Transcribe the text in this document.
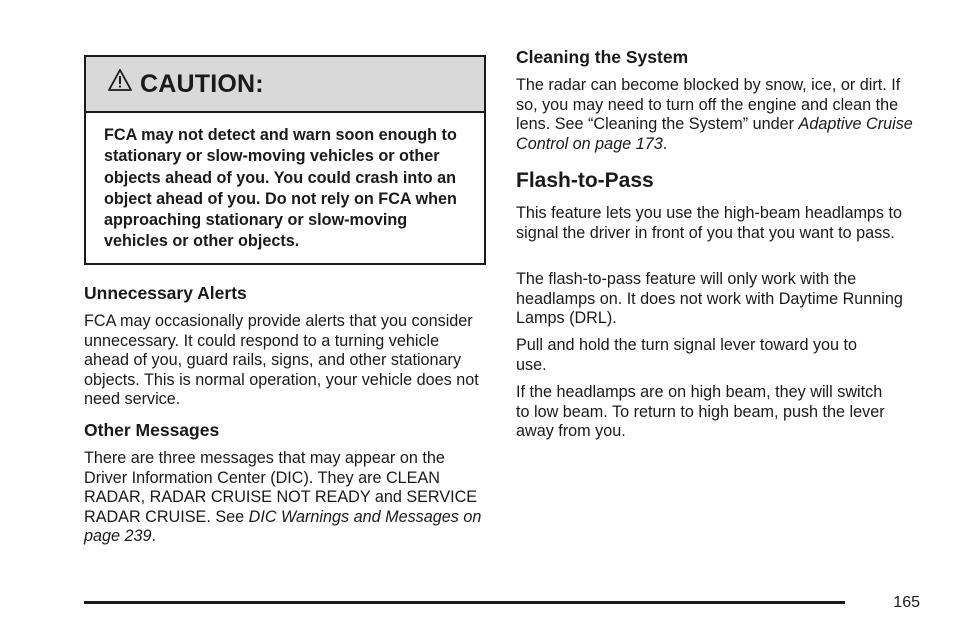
CAUTION:
FCA may not detect and warn soon enough to stationary or slow-moving vehicles or other objects ahead of you. You could crash into an object ahead of you. Do not rely on FCA when approaching stationary or slow-moving vehicles or other objects.
Unnecessary Alerts

FCA may occasionally provide alerts that you consider unnecessary. It could respond to a turning vehicle ahead of you, guard rails, signs, and other stationary objects. This is normal operation, your vehicle does not need service.

Other Messages

There are three messages that may appear on the Driver Information Center (DIC). They are CLEAN RADAR, RADAR CRUISE NOT READY and SERVICE RADAR CRUISE. See DIC Warnings and Messages on page 239.

Cleaning the System

The radar can become blocked by snow, ice, or dirt. If so, you may need to turn off the engine and clean the lens. See “Cleaning the System” under Adaptive Cruise Control on page 173.

Flash-to-Pass

This feature lets you use the high-beam headlamps to signal the driver in front of you that you want to pass.

The flash-to-pass feature will only work with the headlamps on. It does not work with Daytime Running Lamps (DRL).

Pull and hold the turn signal lever toward you to use.

If the headlamps are on high beam, they will switch to low beam. To return to high beam, push the lever away from you.

165
